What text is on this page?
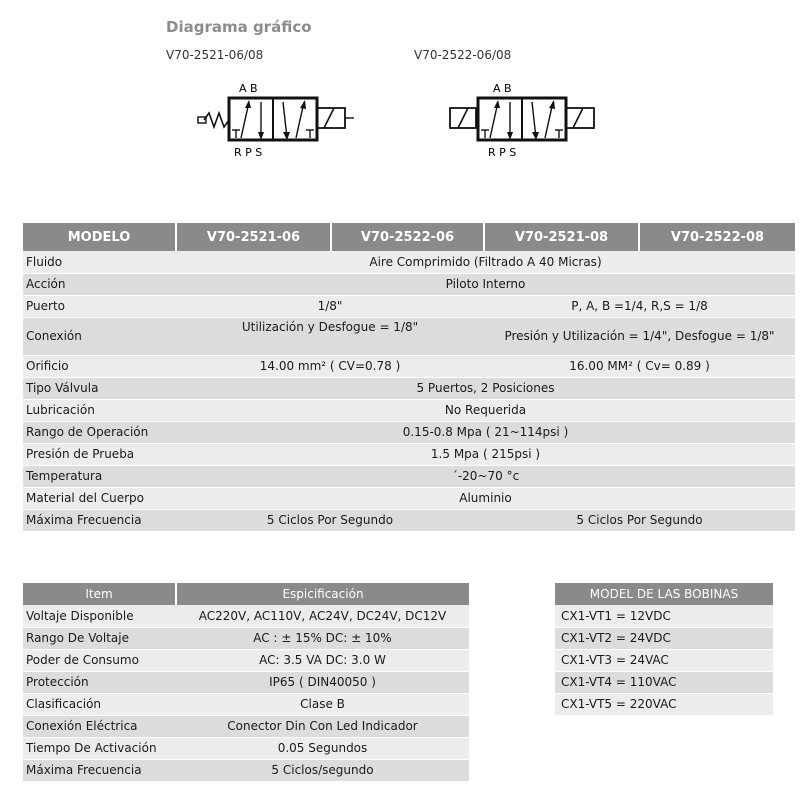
Diagrama gráfico
V70-2521-06/08	V70-2522-06/08
A B
R P S
A B
R P S
MODELO	V70-2521-06	V70-2522-06	V70-2521-08	V70-2522-08
Fluido	Aire Comprimido (Filtrado A 40 Micras)			
Acción	Piloto Interno			
Puerto	1/8"		P, A, B =1/4, R,S = 1/8	
Conexión	Utilización y Desfogue = 1/8"		Presión y Utilización = 1/4", Desfogue = 1/8"	
Orificio	14.00 mm² ( CV=0.78 )		16.00 MM² ( Cv= 0.89 )	
Tipo Válvula	5 Puertos, 2 Posiciones			
Lubricación	No Requerida			
Rango de Operación	0.15-0.8 Mpa ( 21~114psi )			
Presión de Prueba	1.5 Mpa ( 215psi )			
Temperatura	´-20~70 °c			
Material del Cuerpo	Aluminio			
Máxima Frecuencia	5 Ciclos Por Segundo		5 Ciclos Por Segundo	
Item	Espicificación
Voltaje Disponible	AC220V, AC110V, AC24V, DC24V, DC12V
Rango De Voltaje	AC : ± 15% DC: ± 10%
Poder de Consumo	AC: 3.5 VA DC: 3.0 W
Protección	IP65 ( DIN40050 )
Clasificación	Clase B
Conexión Eléctrica	Conector Din Con Led Indicador
Tiempo De Activación	0.05 Segundos
Máxima Frecuencia	5 Ciclos/segundo
MODEL DE LAS BOBINAS
CX1-VT1 = 12VDC
CX1-VT2 = 24VDC
CX1-VT3 = 24VAC
CX1-VT4 = 110VAC
CX1-VT5 = 220VAC
